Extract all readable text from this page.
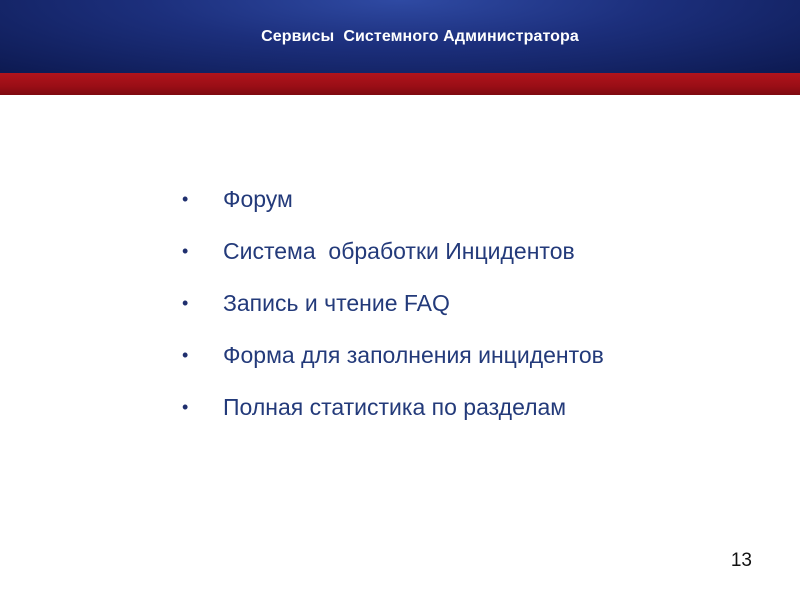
Сервисы  Системного Администратора
•	Форум
•	Система  обработки Инцидентов
•	Запись и чтение FAQ
•	Форма для заполнения инцидентов
•	Полная статистика по разделам
13
